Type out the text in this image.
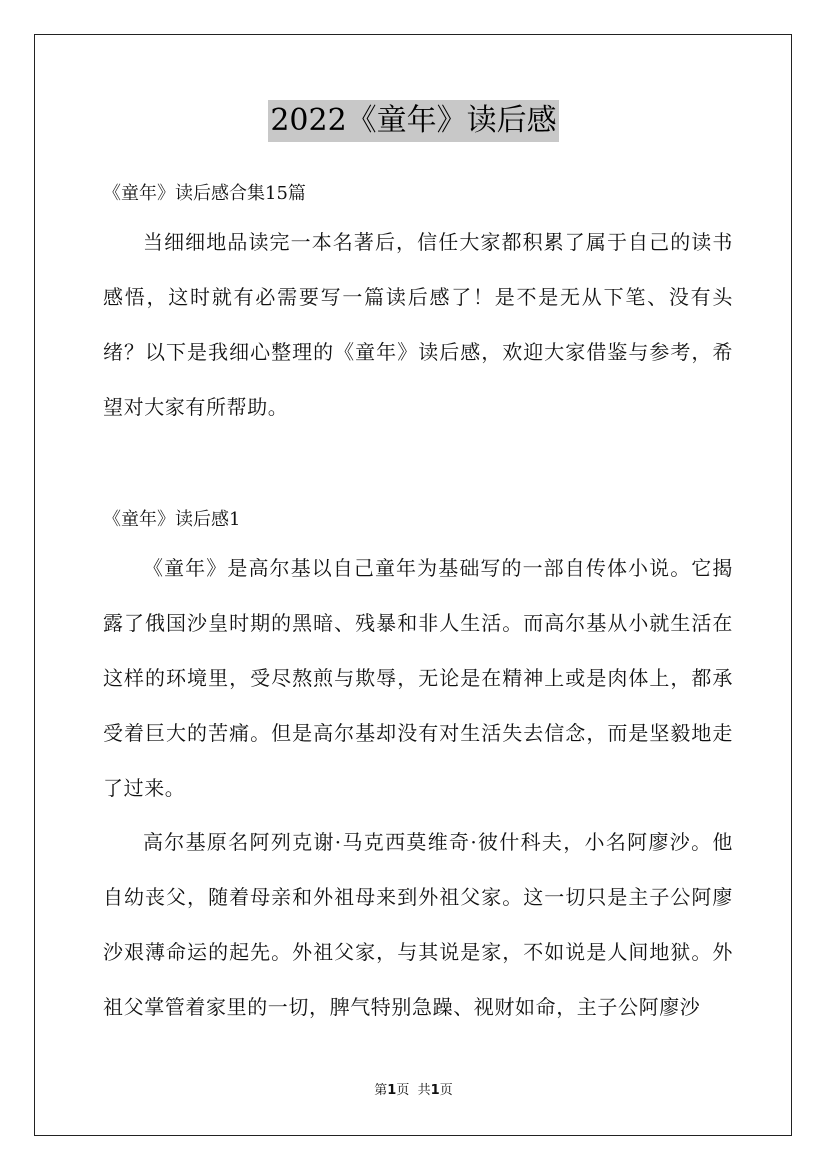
2022《童年》读后感
《童年》读后感合集15篇

当细细地品读完一本名著后，信任大家都积累了属于自己的读书感悟，这时就有必需要写一篇读后感了！是不是无从下笔、没有头绪？以下是我细心整理的《童年》读后感，欢迎大家借鉴与参考，希望对大家有所帮助。

《童年》读后感1

《童年》是高尔基以自己童年为基础写的一部自传体小说。它揭露了俄国沙皇时期的黑暗、残暴和非人生活。而高尔基从小就生活在这样的环境里，受尽熬煎与欺辱，无论是在精神上或是肉体上，都承受着巨大的苦痛。但是高尔基却没有对生活失去信念，而是坚毅地走了过来。

高尔基原名阿列克谢·马克西莫维奇·彼什科夫，小名阿廖沙。他自幼丧父，随着母亲和外祖母来到外祖父家。这一切只是主子公阿廖沙艰薄命运的起先。外祖父家，与其说是家，不如说是人间地狱。外祖父掌管着家里的一切，脾气特别急躁、视财如命，主子公阿廖沙

第1页 共1页
